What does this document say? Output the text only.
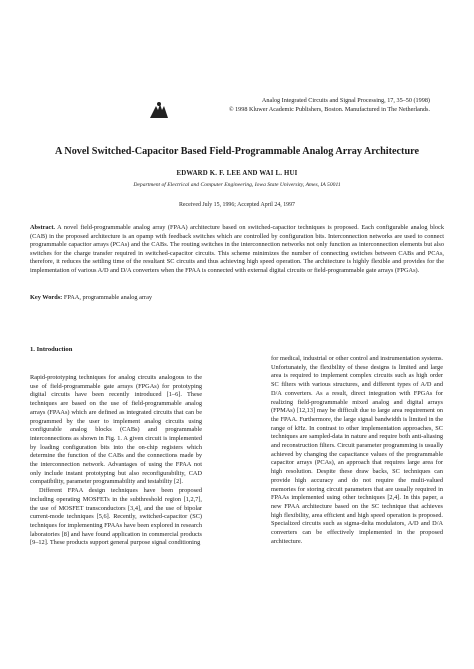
Analog Integrated Circuits and Signal Processing, 17, 35–50 (1998)
© 1998 Kluwer Academic Publishers, Boston. Manufactured in The Netherlands.
A Novel Switched-Capacitor Based Field-Programmable Analog Array Architecture
EDWARD K. F. LEE AND WAI L. HUI
Department of Electrical and Computer Engineering, Iowa State University, Ames, IA 50011
Received July 15, 1996; Accepted April 24, 1997
Abstract. A novel field-programmable analog array (FPAA) architecture based on switched-capacitor techniques is proposed. Each configurable analog block (CAB) in the proposed architecture is an opamp with feedback switches which are controlled by configuration bits. Interconnection networks are used to connect programmable capacitor arrays (PCAs) and the CABs. The routing switches in the interconnection networks not only function as interconnection elements but also switches for the charge transfer required in switched-capacitor circuits. This scheme minimizes the number of connecting switches between CABs and PCAs, therefore, it reduces the settling time of the resultant SC circuits and thus achieving high speed operation. The architecture is highly flexible and provides for the implementation of various A/D and D/A converters when the FPAA is connected with external digital circuits or field-programmable gate arrays (FPGAs).
Key Words: FPAA, programmable analog array
1. Introduction

Rapid-prototyping techniques for analog circuits analogous to the use of field-programmable gate arrays (FPGAs) for prototyping digital circuits have been recently introduced [1–6]. These techniques are based on the use of field-programmable analog arrays (FPAAs) which are defined as integrated circuits that can be programmed by the user to implement analog circuits using configurable analog blocks (CABs) and programmable interconnections as shown in Fig. 1. A given circuit is implemented by loading configuration bits into the on-chip registers which determine the function of the CABs and the connections made by the interconnection network. Advantages of using the FPAA not only include instant prototyping but also reconfigurability, CAD compatibility, parameter programmability and testability [2].

Different FPAA design techniques have been proposed including operating MOSFETs in the subthreshold region [1,2,7], the use of MOSFET transconductors [3,4], and the use of bipolar current-mode techniques [5,6]. Recently, switched-capacitor (SC) techniques for implementing FPAAs have been explored in research laboratories [8] and have found application in commercial products [9–12]. These products support general purpose signal conditioning

for medical, industrial or other control and instrumentation systems. Unfortunately, the flexibility of these designs is limited and large area is required to implement complex circuits such as high order SC filters with various structures, and different types of A/D and D/A converters. As a result, direct integration with FPGAs for realizing field-programmable mixed analog and digital arrays (FPMAs) [12,13] may be difficult due to large area requirement on the FPAA. Furthermore, the large signal bandwidth is limited in the range of kHz. In contrast to other implementation approaches, SC techniques are sampled-data in nature and require both anti-aliasing and reconstruction filters. Circuit parameter programming is usually achieved by changing the capacitance values of the programmable capacitor arrays (PCAs), an approach that requires large area for high resolution. Despite these draw backs, SC techniques can provide high accuracy and do not require the multi-valued memories for storing circuit parameters that are usually required in FPAAs implemented using other techniques [2,4]. In this paper, a new FPAA architecture based on the SC technique that achieves high flexibility, area efficient and high speed operation is proposed. Specialized circuits such as sigma-delta modulators, A/D and D/A converters can be effectively implemented in the proposed architecture.
